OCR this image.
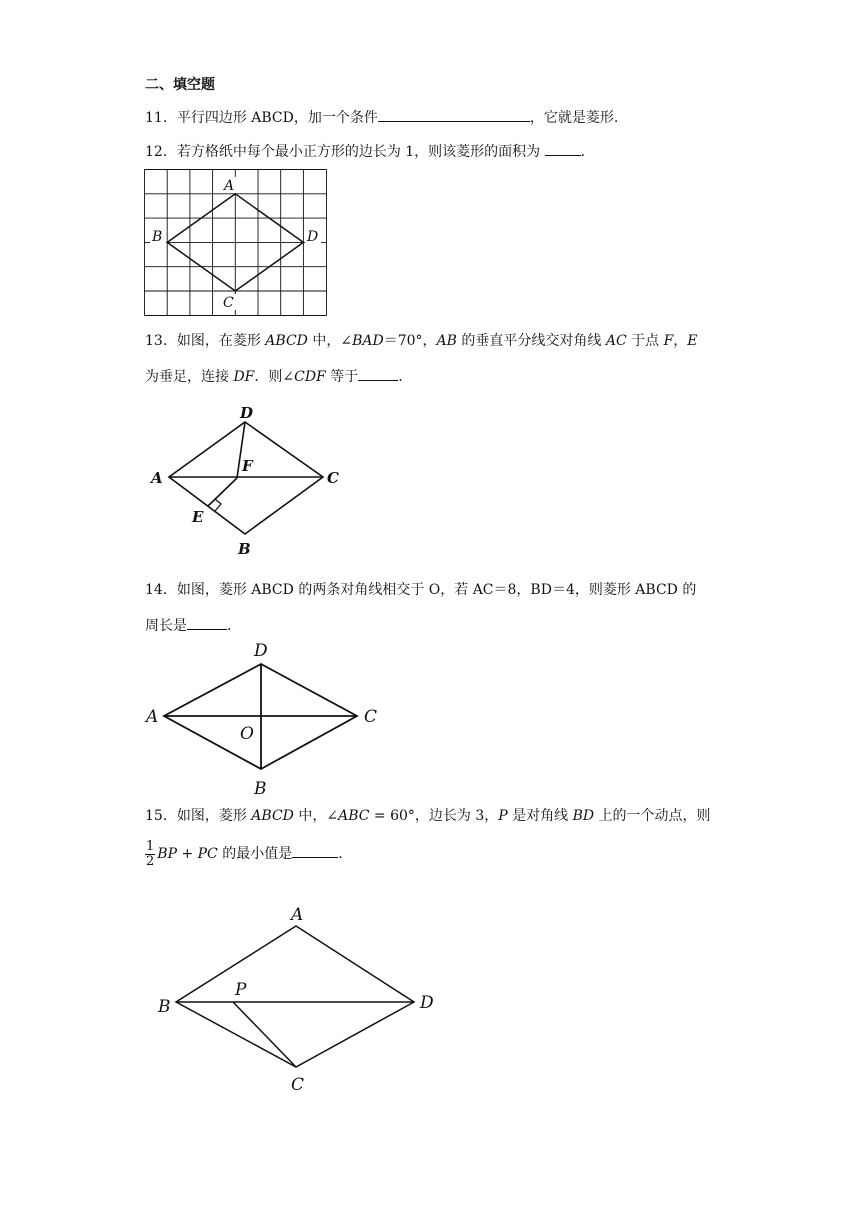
二、填空题
11．平行四边形 ABCD，加一个条件	，它就是菱形.
12．若方格纸中每个最小正方形的边长为 1，则该菱形的面积为	.
A
B	D
C
13．如图，在菱形 ABCD 中，∠BAD＝70°，AB 的垂直平分线交对角线 AC 于点 F，E
为垂足，连接 DF．则∠CDF 等于	.
D
A	C
F
E
B
14．如图，菱形 ABCD 的两条对角线相交于 O，若 AC＝8，BD＝4，则菱形 ABCD 的
周长是	.
D
A	C
O
B
15．如图，菱形 ABCD 中，∠ABC = 60°，边长为 3，P 是对角线 BD 上的一个动点，则
$\frac{1}{2}$ BP + PC 的最小值是	.
A
B	D
P
C
